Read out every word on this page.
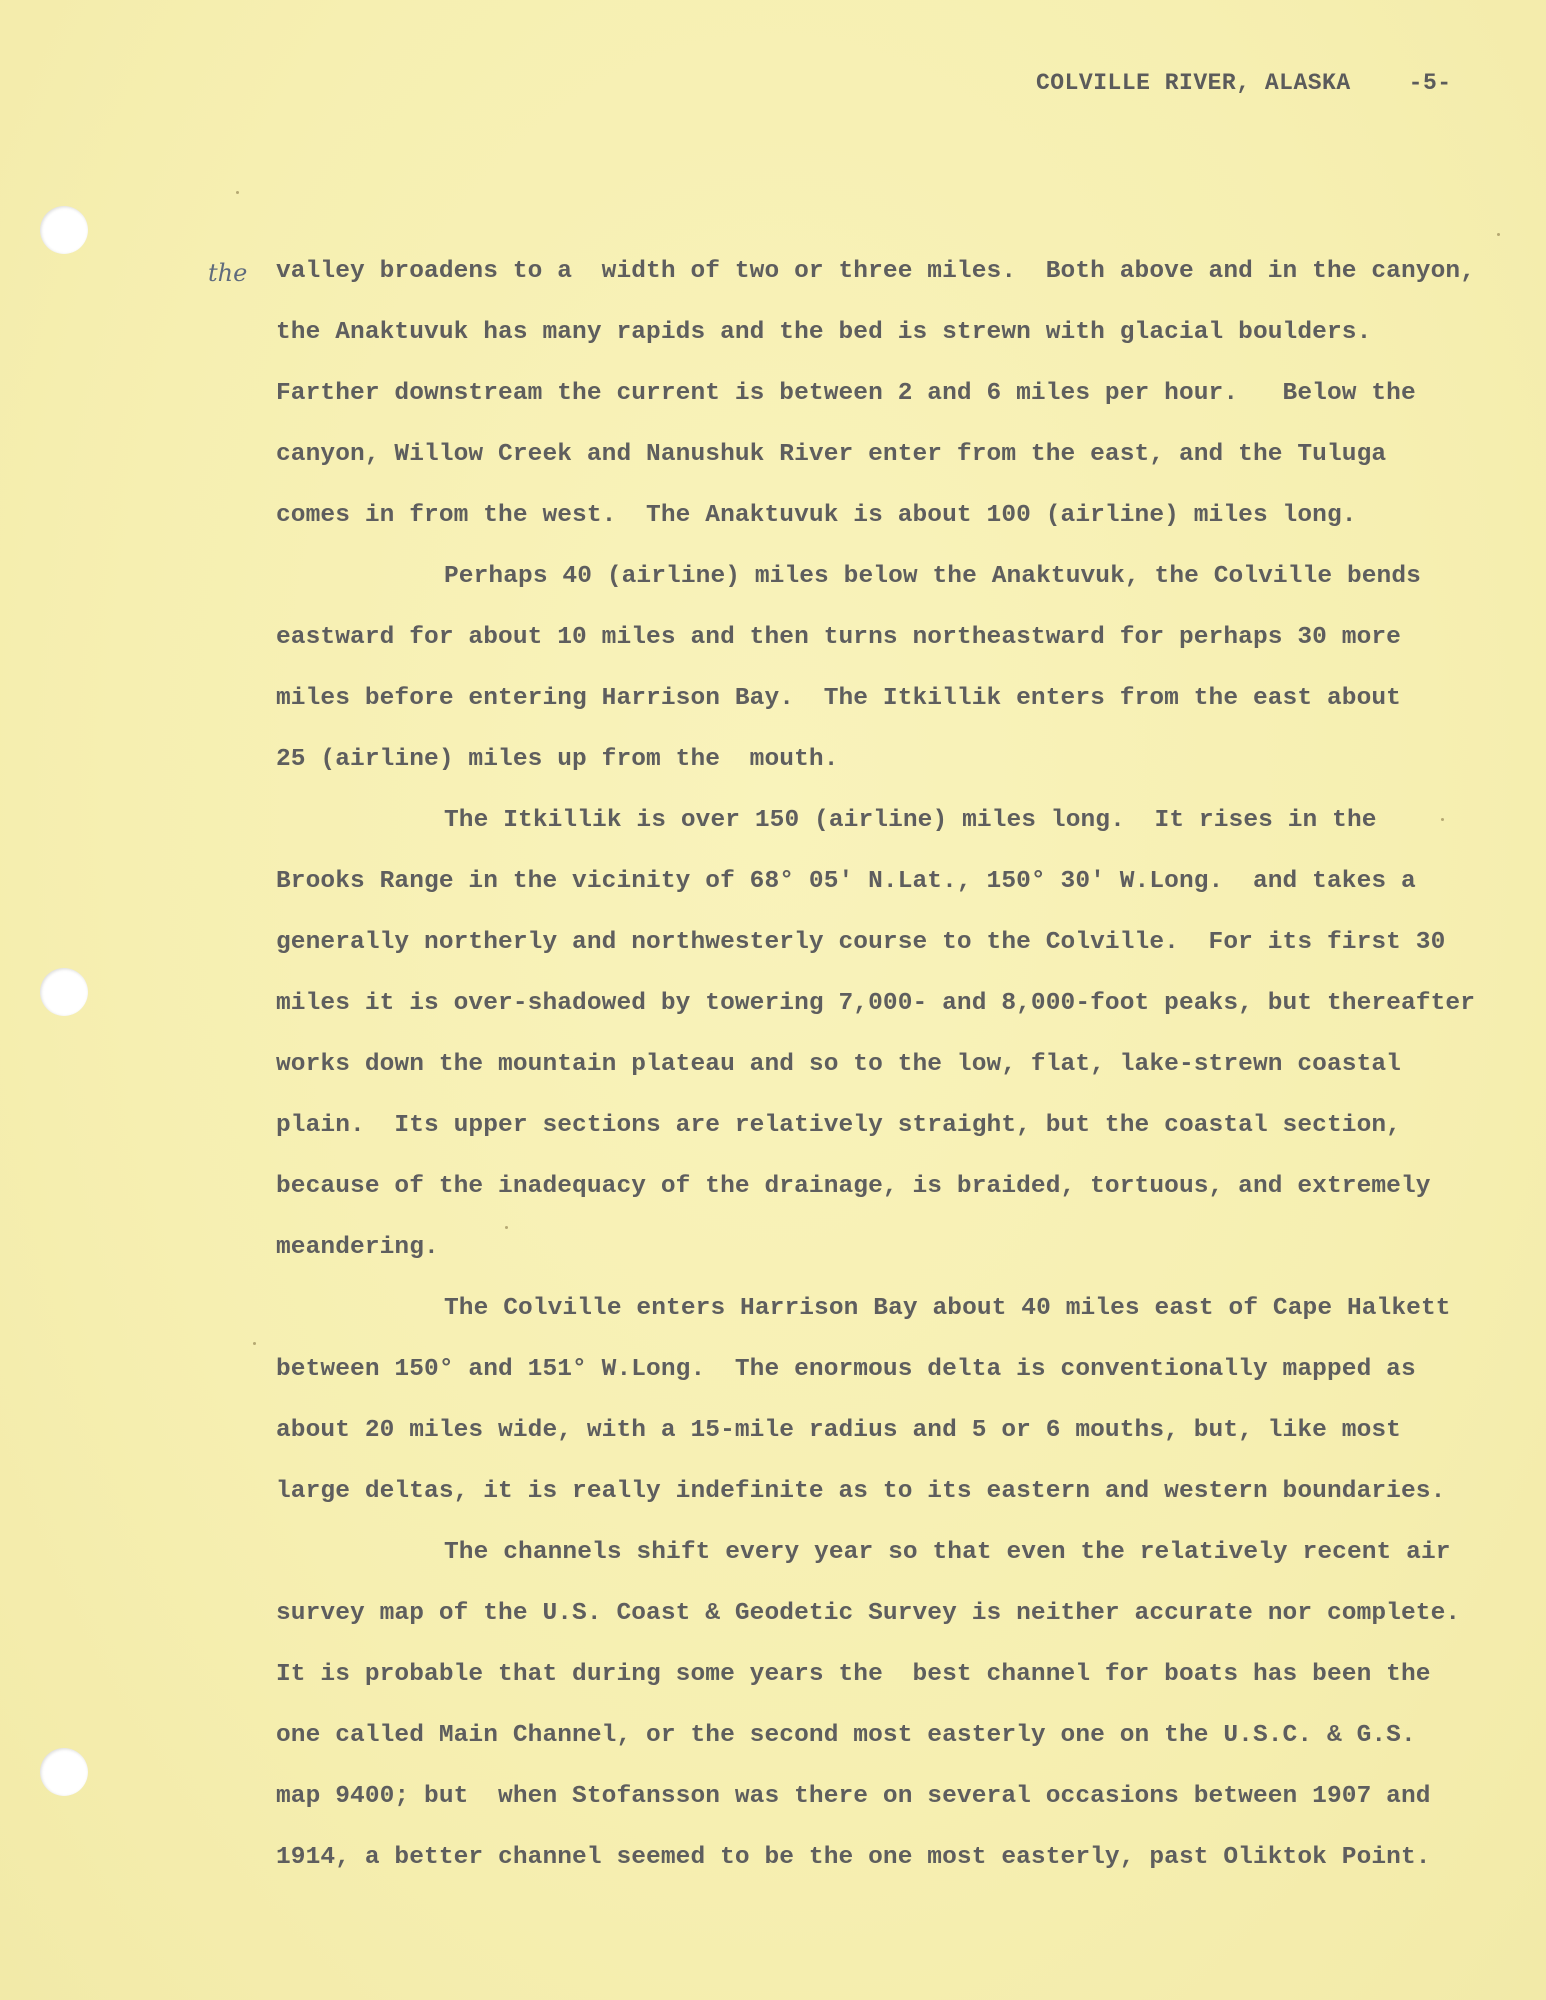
COLVILLE RIVER, ALASKA	-5-
the valley broadens to a  width of two or three miles.  Both above and in the canyon,
the Anaktuvuk has many rapids and the bed is strewn with glacial boulders.
Farther downstream the current is between 2 and 6 miles per hour.   Below the
canyon, Willow Creek and Nanushuk River enter from the east, and the Tuluga
comes in from the west.  The Anaktuvuk is about 100 (airline) miles long.
Perhaps 40 (airline) miles below the Anaktuvuk, the Colville bends
eastward for about 10 miles and then turns northeastward for perhaps 30 more
miles before entering Harrison Bay.  The Itkillik enters from the east about
25 (airline) miles up from the  mouth.
The Itkillik is over 150 (airline) miles long.  It rises in the
Brooks Range in the vicinity of 68° 05' N.Lat., 150° 30' W.Long.  and takes a
generally northerly and northwesterly course to the Colville.  For its first 30
miles it is over-shadowed by towering 7,000- and 8,000-foot peaks, but thereafter
works down the mountain plateau and so to the low, flat, lake-strewn coastal
plain.  Its upper sections are relatively straight, but the coastal section,
because of the inadequacy of the drainage, is braided, tortuous, and extremely
meandering.
The Colville enters Harrison Bay about 40 miles east of Cape Halkett
between 150° and 151° W.Long.  The enormous delta is conventionally mapped as
about 20 miles wide, with a 15-mile radius and 5 or 6 mouths, but, like most
large deltas, it is really indefinite as to its eastern and western boundaries.
The channels shift every year so that even the relatively recent air
survey map of the U.S. Coast & Geodetic Survey is neither accurate nor complete.
It is probable that during some years the  best channel for boats has been the
one called Main Channel, or the second most easterly one on the U.S.C. & G.S.
map 9400; but  when Stofansson was there on several occasions between 1907 and
1914, a better channel seemed to be the one most easterly, past Oliktok Point.
